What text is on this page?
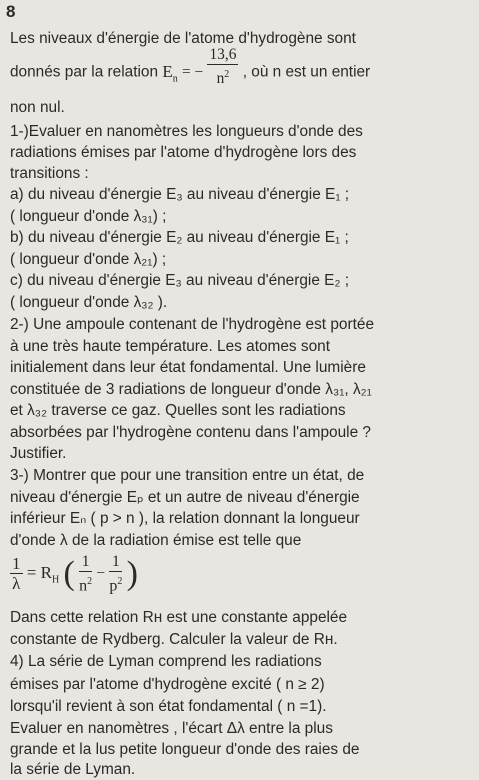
8
Les niveaux d'énergie de l'atome d'hydrogène sont
donnés par la relation $E_n$ = − $\frac{13,6}{n^2}$ , où n est un entier
non nul.
1-)Evaluer en nanomètres les longueurs d'onde des
radiations émises par l'atome d'hydrogène lors des
transitions :
a) du niveau d'énergie E₃ au niveau d'énergie E₁ ;
( longueur d'onde λ₃₁) ;
b) du niveau d'énergie E₂ au niveau d'énergie E₁ ;
( longueur d'onde λ₂₁) ;
c) du niveau d'énergie E₃ au niveau d'énergie E₂ ;
( longueur d'onde λ₃₂ ).
2-) Une ampoule contenant de l'hydrogène est portée
à une très haute température. Les atomes sont
initialement dans leur état fondamental. Une lumière
constituée de 3 radiations de longueur d'onde λ₃₁, λ₂₁
et λ₃₂ traverse ce gaz. Quelles sont les radiations
absorbées par l'hydrogène contenu dans l'ampoule ?
Justifier.
3-) Montrer que pour une transition entre un état, de
niveau d'énergie Eₚ et un autre de niveau d'énergie
inférieur Eₙ ( p > n ), la relation donnant la longueur
d'onde λ de la radiation émise est telle que
$\frac{1}{\lambda} = R_H$ ( $\frac{1}{n^2} - \frac{1}{p^2}$ )
Dans cette relation Rн est une constante appelée
constante de Rydberg. Calculer la valeur de Rн.
4) La série de Lyman comprend les radiations
émises par l'atome d'hydrogène excité ( n ≥ 2)
lorsqu'il revient à son état fondamental ( n =1).
Evaluer en nanomètres , l'écart Δλ entre la plus
grande et la lus petite longueur d'onde des raies de
la série de Lyman.
